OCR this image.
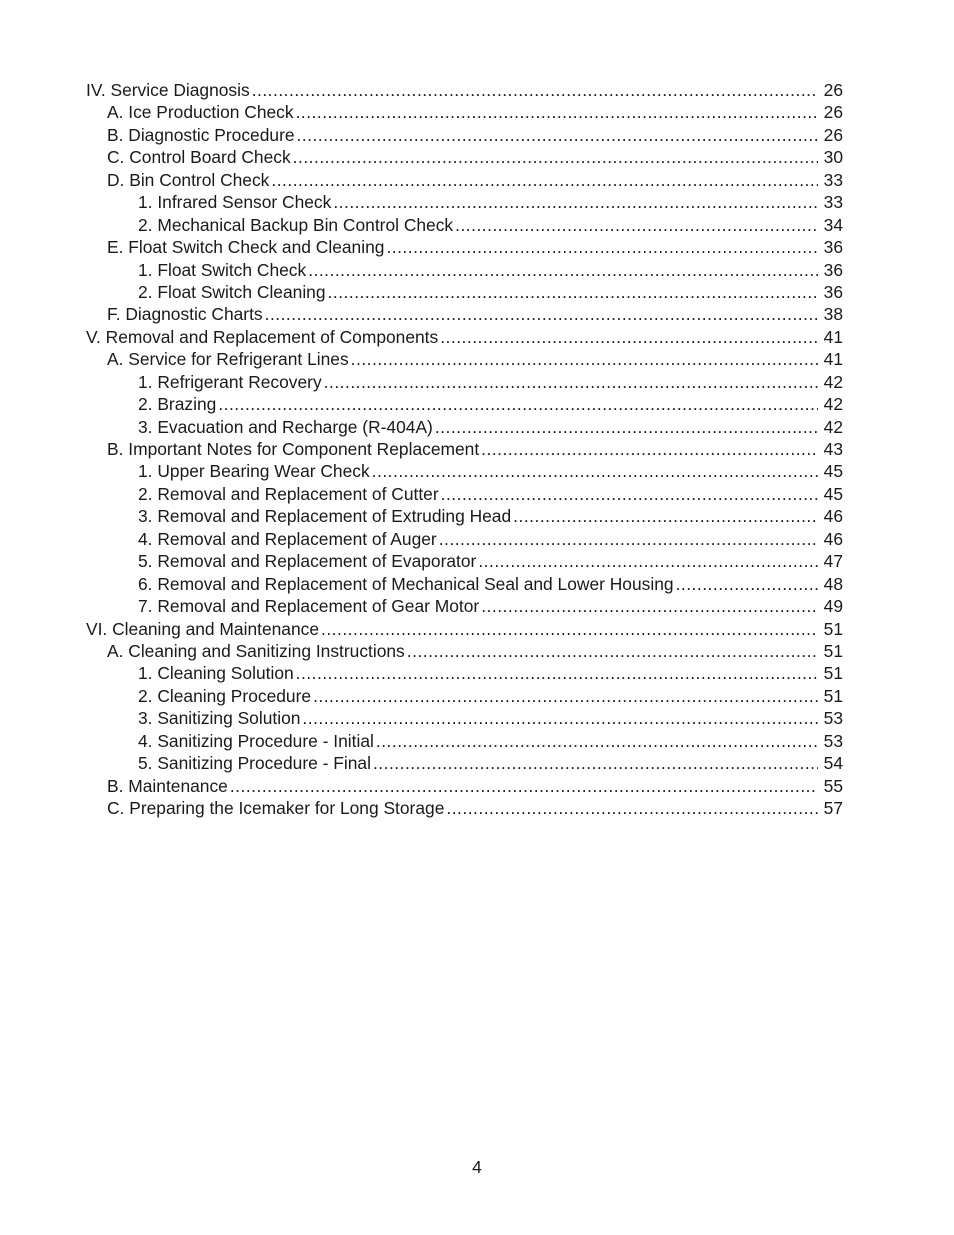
IV. Service Diagnosis .....	26
A. Ice Production Check .....	26
B. Diagnostic Procedure .....	26
C. Control Board Check .....	30
D. Bin Control Check .....	33
1. Infrared Sensor Check .....	33
2. Mechanical Backup Bin Control Check .....	34
E. Float Switch Check and Cleaning .....	36
1. Float Switch Check .....	36
2. Float Switch Cleaning .....	36
F. Diagnostic Charts .....	38
V. Removal and Replacement of Components .....	41
A. Service for Refrigerant Lines .....	41
1. Refrigerant Recovery .....	42
2. Brazing .....	42
3. Evacuation and Recharge (R-404A) .....	42
B. Important Notes for Component Replacement .....	43
1. Upper Bearing Wear Check .....	45
2. Removal and Replacement of Cutter .....	45
3. Removal and Replacement of Extruding Head .....	46
4. Removal and Replacement of Auger .....	46
5. Removal and Replacement of Evaporator .....	47
6. Removal and Replacement of Mechanical Seal and Lower Housing .....	48
7. Removal and Replacement of Gear Motor .....	49
VI. Cleaning and Maintenance .....	51
A. Cleaning and Sanitizing Instructions .....	51
1. Cleaning Solution .....	51
2. Cleaning Procedure .....	51
3. Sanitizing Solution .....	53
4. Sanitizing Procedure - Initial .....	53
5. Sanitizing Procedure - Final .....	54
B. Maintenance .....	55
C. Preparing the Icemaker for Long Storage .....	57
4
